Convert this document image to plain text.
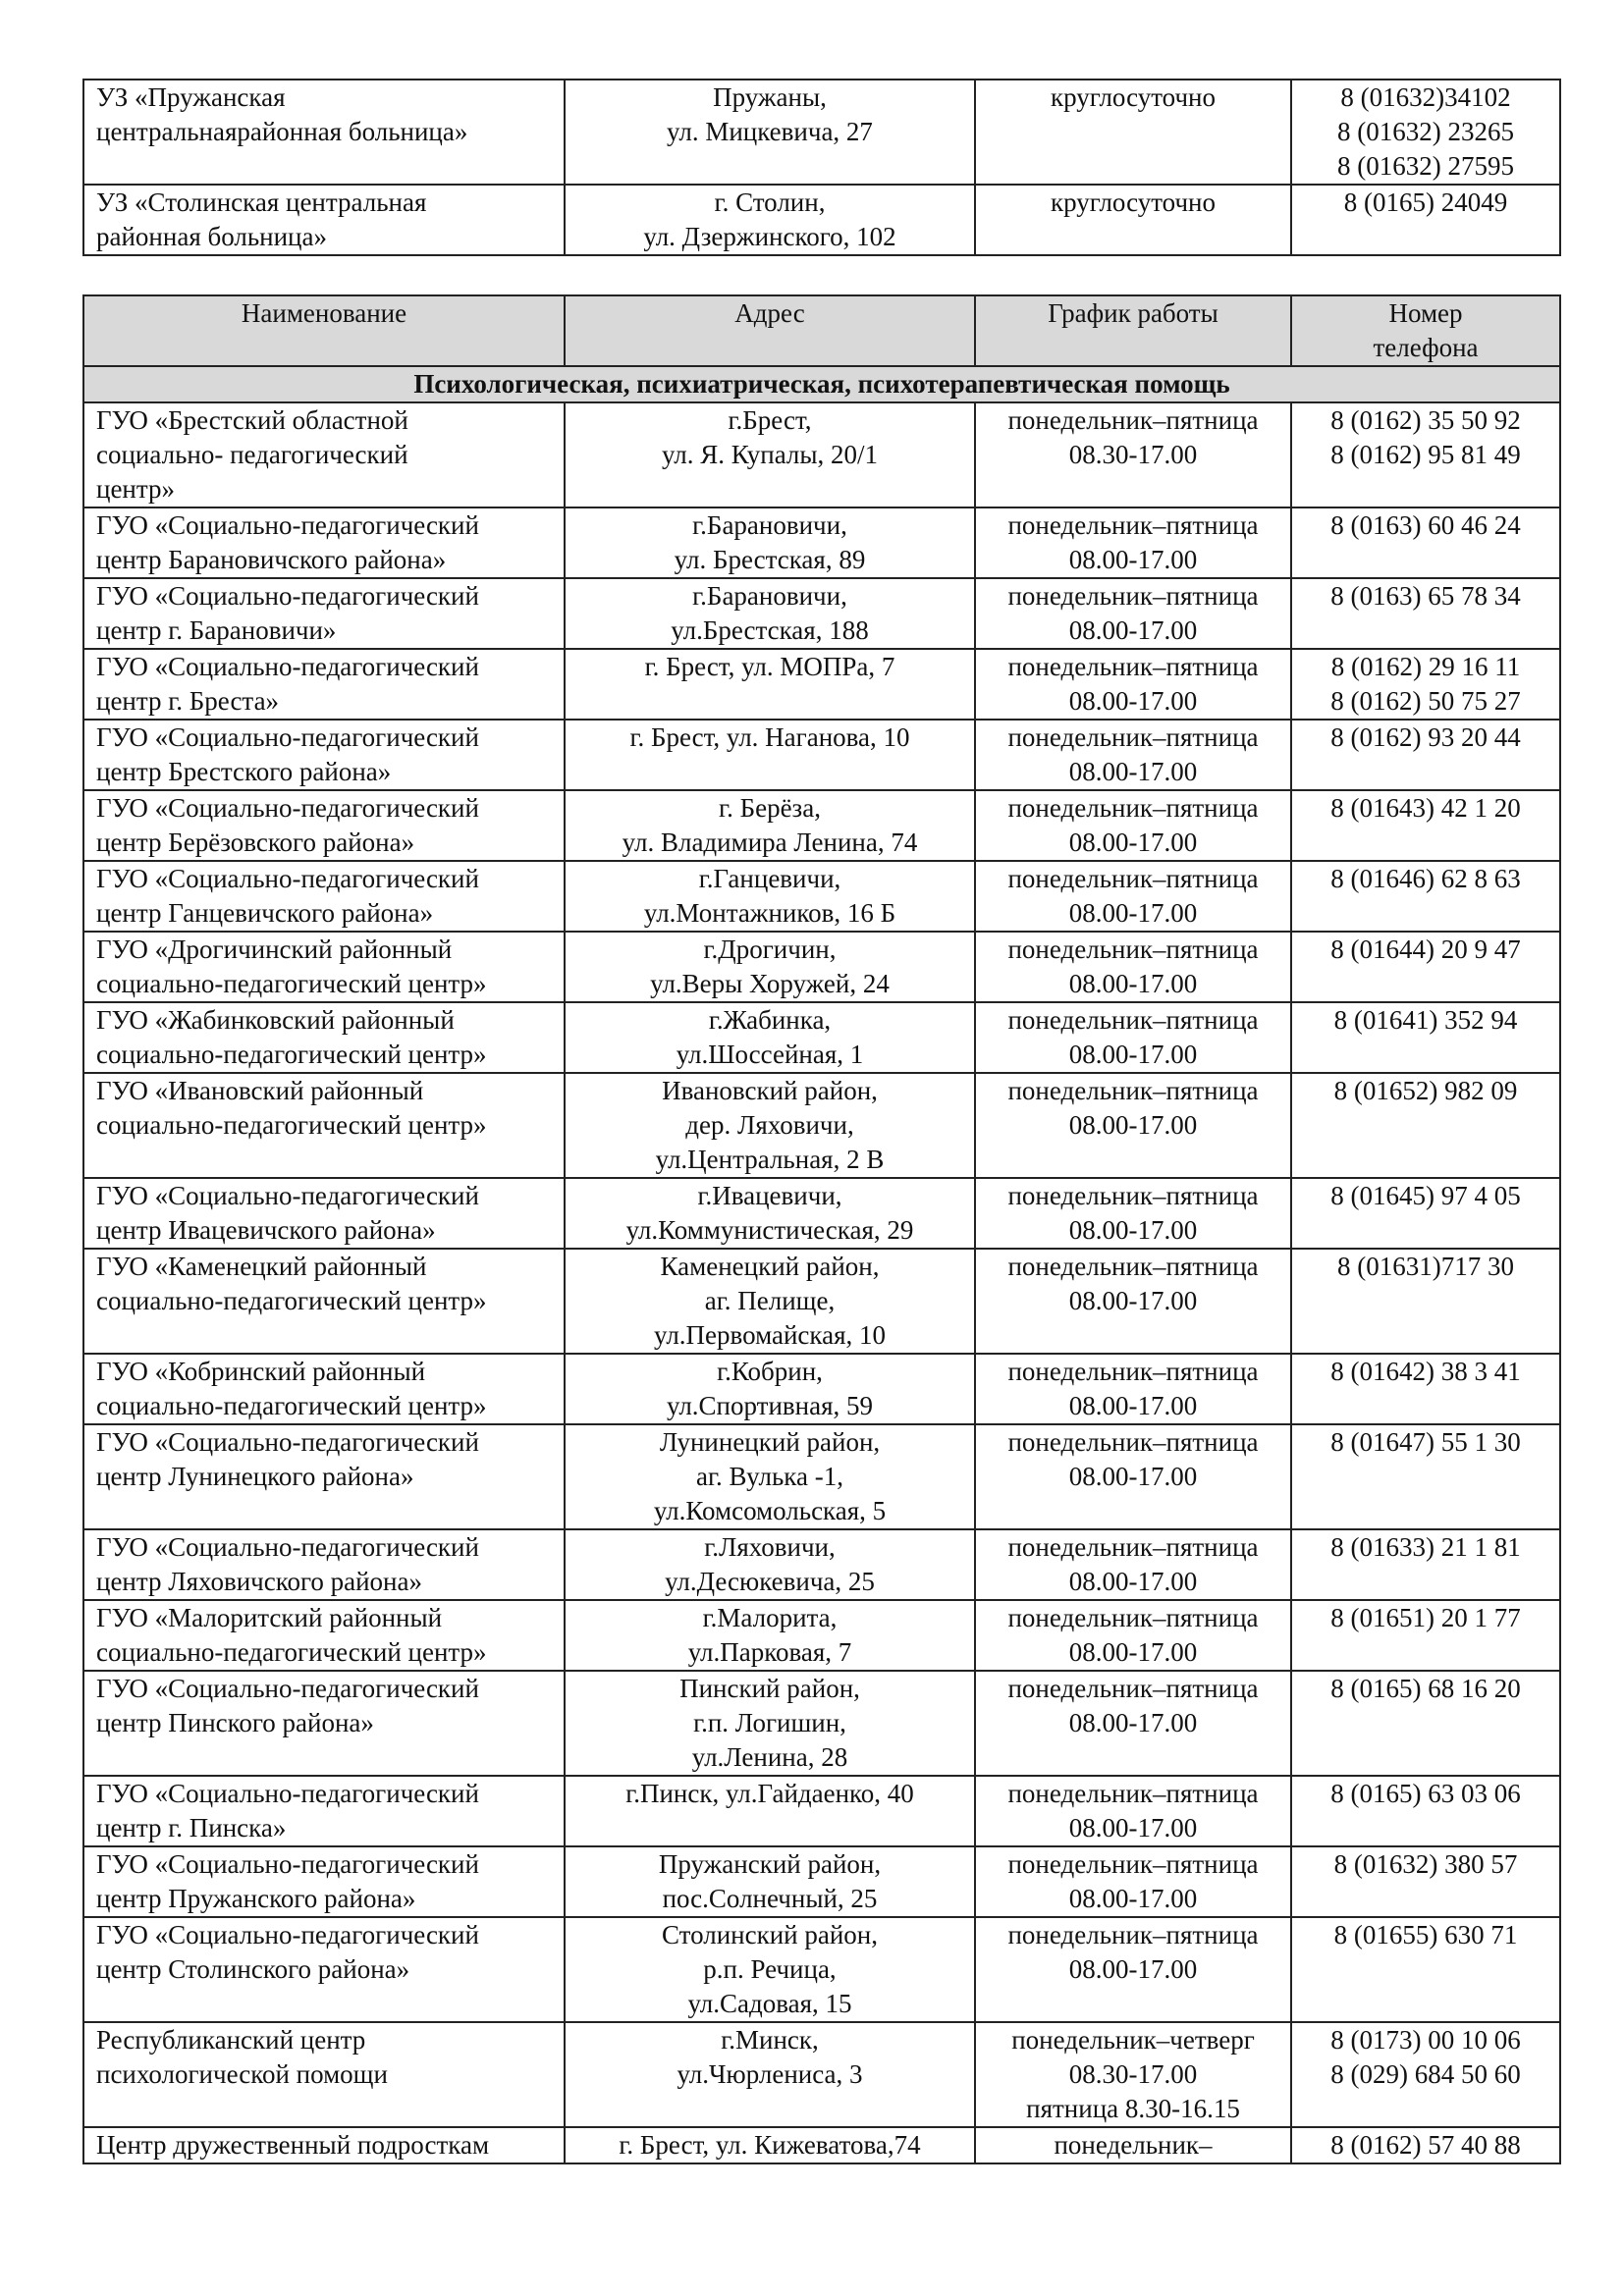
УЗ «Пружанская
центральнаярайонная больница»	Пружаны,
ул. Мицкевича, 27	круглосуточно	8 (01632)34102
8 (01632) 23265
8 (01632) 27595

УЗ «Столинская центральная
районная больница»	г. Столин,
ул. Дзержинского, 102	круглосуточно	8 (0165) 24049
Наименование	Адрес	График работы	Номер
телефона

Психологическая, психиатрическая, психотерапевтическая помощь			

ГУО «Брестский областной
социально- педагогический
центр»	г.Брест,
ул. Я. Купалы, 20/1	понедельник–пятница
08.30-17.00	8 (0162) 35 50 92
8 (0162) 95 81 49

ГУО «Социально-педагогический
центр Барановичского района»	г.Барановичи,
ул. Брестская, 89	понедельник–пятница
08.00-17.00	8 (0163) 60 46 24

ГУО «Социально-педагогический
центр г. Барановичи»	г.Барановичи,
ул.Брестская, 188	понедельник–пятница
08.00-17.00	8 (0163) 65 78 34

ГУО «Социально-педагогический
центр г. Бреста»	г. Брест, ул. МОПРа, 7	понедельник–пятница
08.00-17.00	8 (0162) 29 16 11
8 (0162) 50 75 27

ГУО «Социально-педагогический
центр Брестского района»	г. Брест, ул. Наганова, 10	понедельник–пятница
08.00-17.00	8 (0162) 93 20 44

ГУО «Социально-педагогический
центр Берёзовского района»	г. Берёза,
ул. Владимира Ленина, 74	понедельник–пятница
08.00-17.00	8 (01643) 42 1 20

ГУО «Социально-педагогический
центр Ганцевичского района»	г.Ганцевичи,
ул.Монтажников, 16 Б	понедельник–пятница
08.00-17.00	8 (01646) 62 8 63

ГУО «Дрогичинский районный
социально-педагогический центр»	г.Дрогичин,
ул.Веры Хоружей, 24	понедельник–пятница
08.00-17.00	8 (01644) 20 9 47

ГУО «Жабинковский районный
социально-педагогический центр»	г.Жабинка,
ул.Шоссейная, 1	понедельник–пятница
08.00-17.00	8 (01641) 352 94

ГУО «Ивановский районный
социально-педагогический центр»	Ивановский район,
дер. Ляховичи,
ул.Центральная, 2 В	понедельник–пятница
08.00-17.00	8 (01652) 982 09

ГУО «Социально-педагогический
центр Ивацевичского района»	г.Ивацевичи,
ул.Коммунистическая, 29	понедельник–пятница
08.00-17.00	8 (01645) 97 4 05

ГУО «Каменецкий районный
социально-педагогический центр»	Каменецкий район,
аг. Пелище,
ул.Первомайская, 10	понедельник–пятница
08.00-17.00	8 (01631)717 30

ГУО «Кобринский районный
социально-педагогический центр»	г.Кобрин,
ул.Спортивная, 59	понедельник–пятница
08.00-17.00	8 (01642) 38 3 41

ГУО «Социально-педагогический
центр Лунинецкого района»	Лунинецкий район,
аг. Вулька -1,
ул.Комсомольская, 5	понедельник–пятница
08.00-17.00	8 (01647) 55 1 30

ГУО «Социально-педагогический
центр Ляховичского района»	г.Ляховичи,
ул.Десюкевича, 25	понедельник–пятница
08.00-17.00	8 (01633) 21 1 81

ГУО «Малоритский районный
социально-педагогический центр»	г.Малорита,
ул.Парковая, 7	понедельник–пятница
08.00-17.00	8 (01651) 20 1 77

ГУО «Социально-педагогический
центр Пинского района»	Пинский район,
г.п. Логишин,
ул.Ленина, 28	понедельник–пятница
08.00-17.00	8 (0165) 68 16 20

ГУО «Социально-педагогический
центр г. Пинска»	г.Пинск, ул.Гайдаенко, 40	понедельник–пятница
08.00-17.00	8 (0165) 63 03 06

ГУО «Социально-педагогический
центр Пружанского района»	Пружанский район,
пос.Солнечный, 25	понедельник–пятница
08.00-17.00	8 (01632) 380 57

ГУО «Социально-педагогический
центр Столинского района»	Столинский район,
р.п. Речица,
ул.Садовая, 15	понедельник–пятница
08.00-17.00	8 (01655) 630 71

Республиканский центр
психологической помощи	г.Минск,
ул.Чюрлениса, 3	понедельник–четверг
08.30-17.00
пятница 8.30-16.15	8 (0173) 00 10 06
8 (029) 684 50 60

Центр дружественный подросткам	г. Брест, ул. Кижеватова,74	понедельник–	8 (0162) 57 40 88
